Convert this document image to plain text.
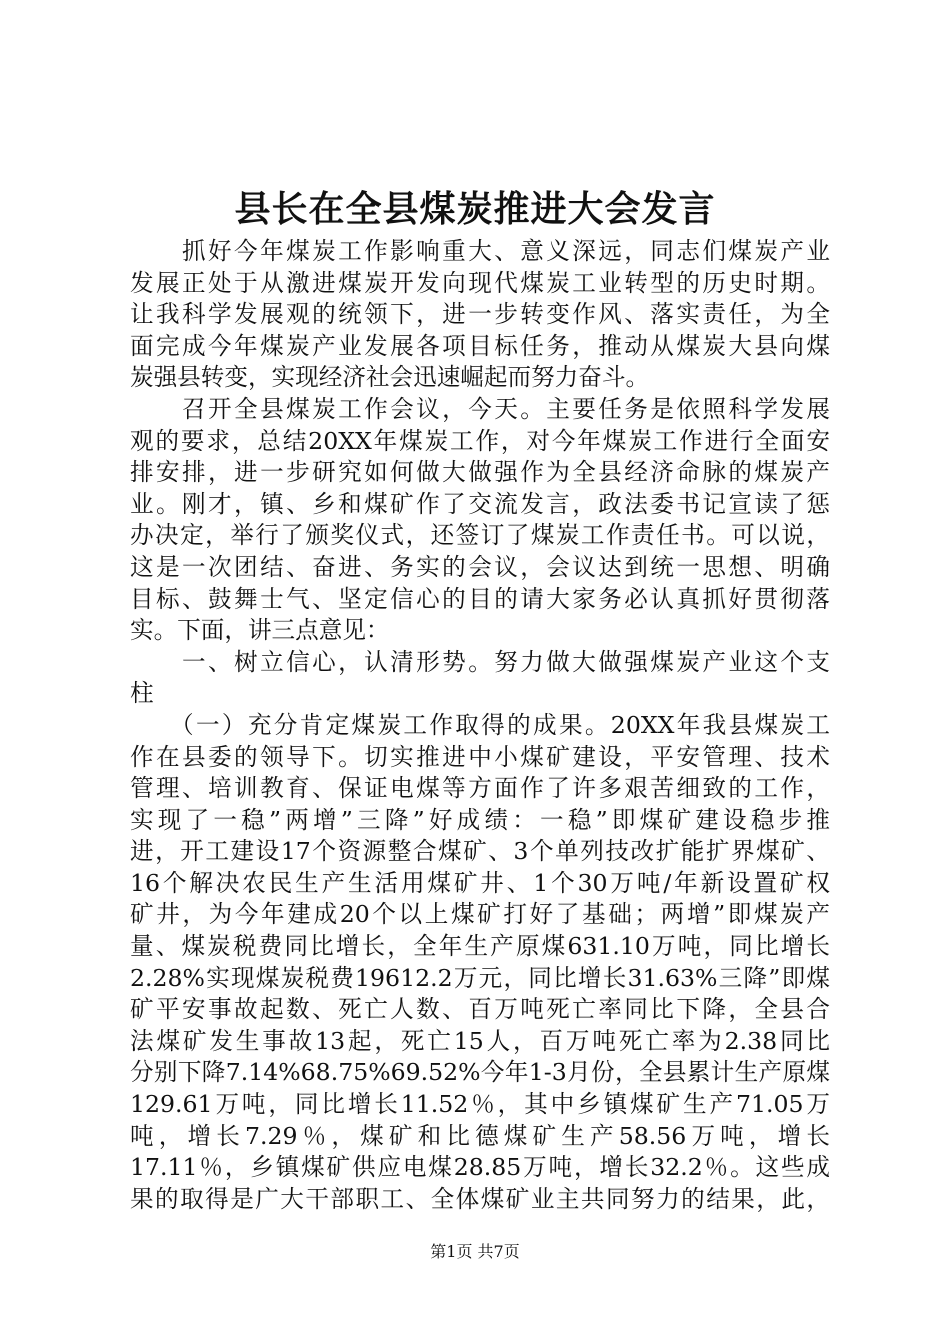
县长在全县煤炭推进大会发言
　　抓好今年煤炭工作影响重大、意义深远，同志们煤炭产业
发展正处于从激进煤炭开发向现代煤炭工业转型的历史时期。
让我科学发展观的统领下，进一步转变作风、落实责任，为全
面完成今年煤炭产业发展各项目标任务，推动从煤炭大县向煤
炭强县转变，实现经济社会迅速崛起而努力奋斗。
　　召开全县煤炭工作会议，今天。主要任务是依照科学发展
观的要求，总结20XX年煤炭工作，对今年煤炭工作进行全面安
排安排，进一步研究如何做大做强作为全县经济命脉的煤炭产
业。刚才，镇、乡和煤矿作了交流发言，政法委书记宣读了惩
办决定，举行了颁奖仪式，还签订了煤炭工作责任书。可以说，
这是一次团结、奋进、务实的会议，会议达到统一思想、明确
目标、鼓舞士气、坚定信心的目的请大家务必认真抓好贯彻落
实。下面，讲三点意见：
　　一、树立信心，认清形势。努力做大做强煤炭产业这个支
柱
　　（一）充分肯定煤炭工作取得的成果。20XX年我县煤炭工
作在县委的领导下。切实推进中小煤矿建设，平安管理、技术
管理、培训教育、保证电煤等方面作了许多艰苦细致的工作，
实现了一稳”两增”三降”好成绩：一稳”即煤矿建设稳步推
进，开工建设17个资源整合煤矿、3个单列技改扩能扩界煤矿、
16个解决农民生产生活用煤矿井、1个30万吨/年新设置矿权
矿井，为今年建成20个以上煤矿打好了基础；两增”即煤炭产
量、煤炭税费同比增长，全年生产原煤631.10万吨，同比增长
2.28%实现煤炭税费19612.2万元，同比增长31.63%三降”即煤
矿平安事故起数、死亡人数、百万吨死亡率同比下降，全县合
法煤矿发生事故13起，死亡15人，百万吨死亡率为2.38同比
分别下降7.14%68.75%69.52%今年1-3月份，全县累计生产原煤
129.61万吨，同比增长11.52％，其中乡镇煤矿生产71.05万
吨，增长7.29％，煤矿和比德煤矿生产58.56万吨，增长
17.11％，乡镇煤矿供应电煤28.85万吨，增长32.2％。这些成
果的取得是广大干部职工、全体煤矿业主共同努力的结果，此，
第1页 共7页
